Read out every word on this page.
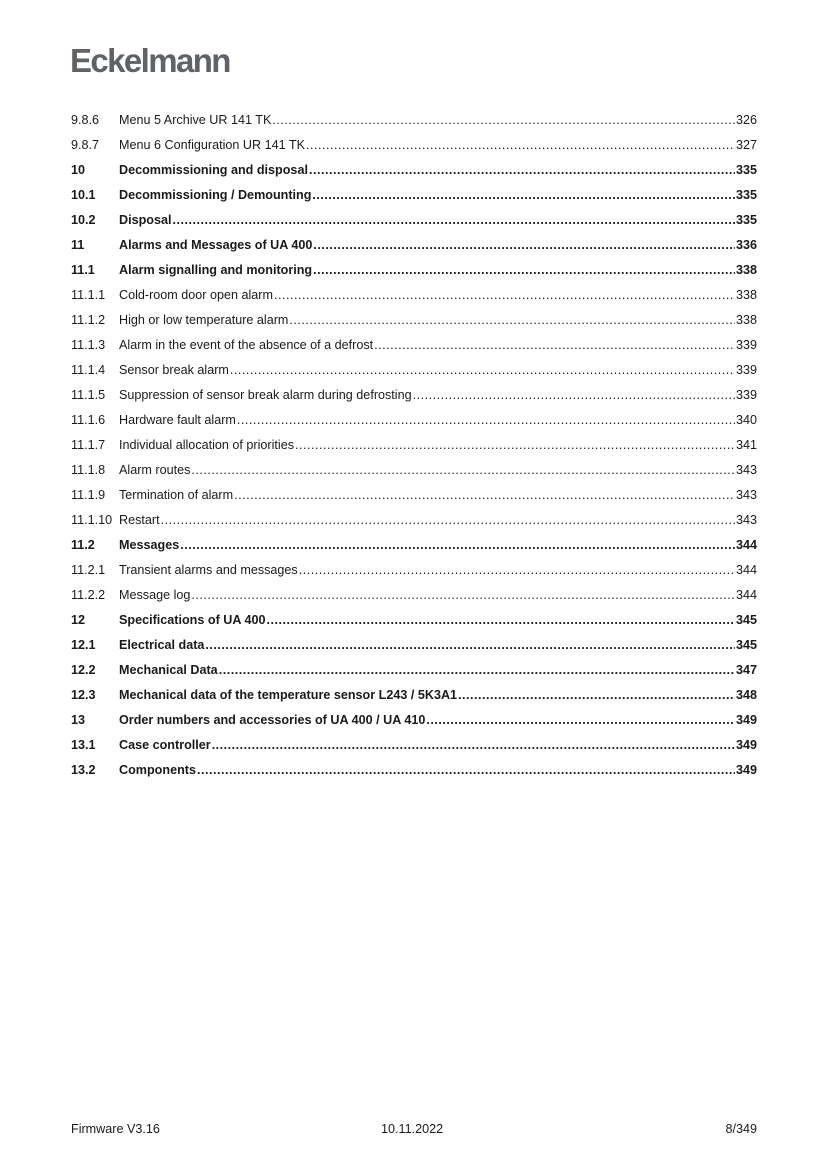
Eckelmann
9.8.6	Menu 5 Archive UR 141 TK .....	326
9.8.7	Menu 6 Configuration UR 141 TK .....	327
10	Decommissioning and disposal .....	335
10.1	Decommissioning / Demounting .....	335
10.2	Disposal .....	335
11	Alarms and Messages of UA 400 .....	336
11.1	Alarm signalling and monitoring .....	338
11.1.1	Cold-room door open alarm .....	338
11.1.2	High or low temperature alarm .....	338
11.1.3	Alarm in the event of the absence of a defrost .....	339
11.1.4	Sensor break alarm .....	339
11.1.5	Suppression of sensor break alarm during defrosting .....	339
11.1.6	Hardware fault alarm .....	340
11.1.7	Individual allocation of priorities .....	341
11.1.8	Alarm routes .....	343
11.1.9	Termination of alarm .....	343
11.1.10 Restart .....	343
11.2	Messages .....	344
11.2.1	Transient alarms and messages .....	344
11.2.2	Message log .....	344
12	Specifications of UA 400 .....	345
12.1	Electrical data .....	345
12.2	Mechanical Data .....	347
12.3	Mechanical data of the temperature sensor L243 / 5K3A1 .....	348
13	Order numbers and accessories of UA 400 / UA 410 .....	349
13.1	Case controller .....	349
13.2	Components .....	349
Firmware V3.16	10.11.2022	8/349
